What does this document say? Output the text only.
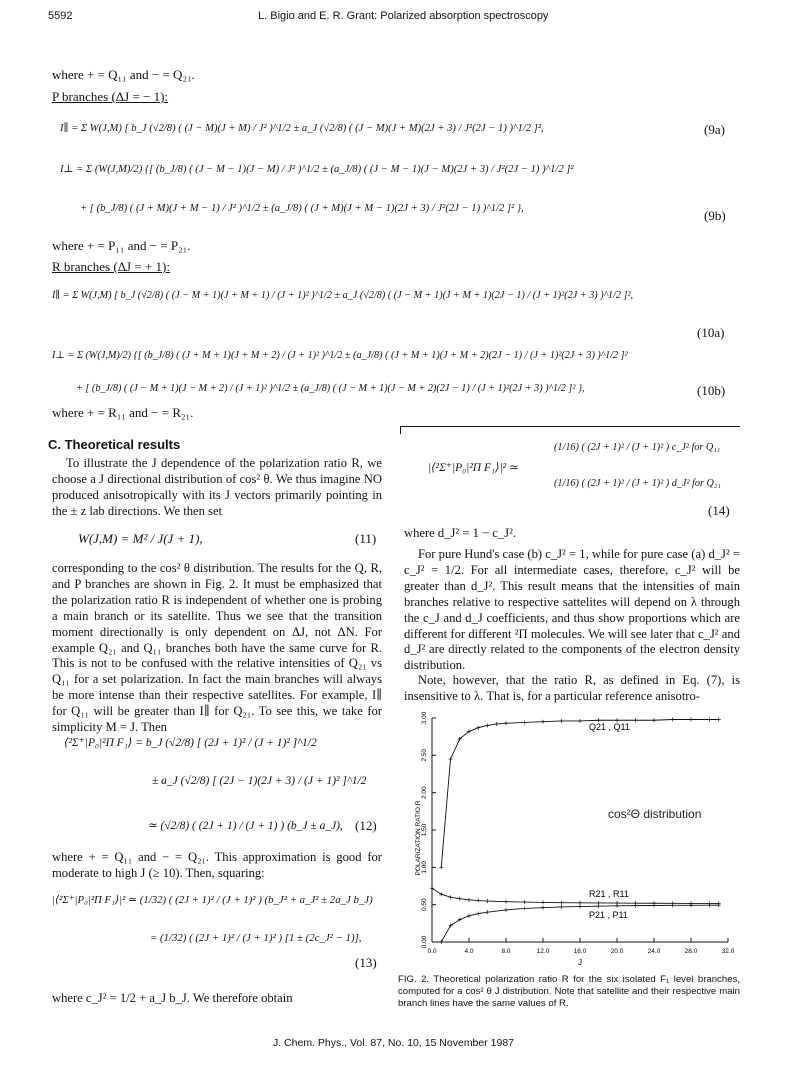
5592	L. Bigio and E. R. Grant: Polarized absorption spectroscopy
where + = Q₁₁ and − = Q₂₁.
P branches (ΔJ = − 1):
I∥ = Σ W(J,M) [ b_J (√2/8) ( (J − M)(J + M) / J² )^1/2 ± a_J (√2/8) ( (J − M)(J + M)(2J + 3) / J²(2J − 1) )^1/2 ]²,	(9a)
I⊥ = Σ (W(J,M)/2) {[ (b_J/8) ( (J − M − 1)(J − M) / J² )^1/2 ± (a_J/8) ( (J − M − 1)(J − M)(2J + 3) / J²(2J − 1) )^1/2 ]²
+ [ (b_J/8) ( (J + M)(J + M − 1) / J² )^1/2 ± (a_J/8) ( (J + M)(J + M − 1)(2J + 3) / J²(2J − 1) )^1/2 ]² },	(9b)
where + = P₁₁ and − = P₂₁.
R branches (ΔJ = + 1):
I∥ = Σ W(J,M) [ b_J (√2/8) ( (J − M + 1)(J + M + 1) / (J + 1)² )^1/2 ± a_J (√2/8) ( (J − M + 1)(J + M + 1)(2J − 1) / (J + 1)²(2J + 3) )^1/2 ]²,
(10a)
I⊥ = Σ (W(J,M)/2) {[ (b_J/8) ( (J + M + 1)(J + M + 2) / (J + 1)² )^1/2 ± (a_J/8) ( (J + M + 1)(J + M + 2)(2J − 1) / (J + 1)²(2J + 3) )^1/2 ]²
+ [ (b_J/8) ( (J − M + 1)(J − M + 2) / (J + 1)² )^1/2 ± (a_J/8) ( (J − M + 1)(J − M + 2)(2J − 1) / (J + 1)²(2J + 3) )^1/2 ]² },	(10b)
where + = R₁₁ and − = R₂₁.
C. Theoretical results
To illustrate the J dependence of the polarization ratio R, we choose a J directional distribution of cos² θ. We thus imagine NO produced anisotropically with its J vectors primarily pointing in the ± z lab directions. We then set
W(J,M) = M² / J(J + 1),	(11)
corresponding to the cos² θ distribution. The results for the Q, R, and P branches are shown in Fig. 2. It must be emphasized that the polarization ratio R is independent of whether one is probing a main branch or its satellite. Thus we see that the transition moment directionally is only dependent on ΔJ, not ΔN. For example Q₂₁ and Q₁₁ branches both have the same curve for R. This is not to be confused with the relative intensities of Q₂₁ vs Q₁₁ for a set polarization. In fact the main branches will always be more intense than their respective satellites. For example, I∥ for Q₁₁ will be greater than I∥ for Q₂₁. To see this, we take for simplicity M = J. Then
⟨²Σ⁺|P₀|²Π F₁⟩ = b_J (√2/8) [ (2J + 1)² / (J + 1)² ]^1/2
± a_J (√2/8) [ (2J − 1)(2J + 3) / (J + 1)² ]^1/2
≃ (√2/8) ( (2J + 1) / (J + 1) ) (b_J ± a_J), (12)
where + = Q₁₁ and − = Q₂₁. This approximation is good for moderate to high J (≥ 10). Then, squaring:
|⟨²Σ⁺|P₀|²Π F₁⟩|² ≃ (1/32) ( (2J + 1)² / (J + 1)² ) (b_J² + a_J² ± 2a_J b_J)
= (1/32) ( (2J + 1)² / (J + 1)² ) [1 ± (2c_J² − 1)],
(13)
where c_J² = 1/2 + a_J b_J. We therefore obtain
|⟨²Σ⁺|P₀|²Π F₁⟩|² ≃
(1/16) ( (2J + 1)² / (J + 1)² ) c_J² for Q₁₁
(1/16) ( (2J + 1)² / (J + 1)² ) d_J² for Q₂₁
(14)
where d_J² = 1 − c_J².
For pure Hund's case (b) c_J² = 1, while for pure case (a) d_J² = c_J² = 1/2. For all intermediate cases, therefore, c_J² will be greater than d_J². This result means that the intensities of main branches relative to respective sattelites will depend on λ through the c_J and d_J coefficients, and thus show proportions which are different for different ²Π molecules. We will see later that c_J² and d_J² are directly related to the components of the electron density distribution.
Note, however, that the ratio R, as defined in Eq. (7), is insensitive to λ. That is, for a particular reference anisotro-
0.0	4.0	8.0	12.0	16.0	20.0	24.0	28.0	32.0
0.00
0.50
1.00
1.50
2.00
2.50
3.00
Q21 , Q11
R21 , R11
P21 , P11
POLARIZATION RATIO R
J
cos²Θ distribution
FIG. 2. Theoretical polarization ratio R for the six isolated F₁ level branches, computed for a cos² θ J distribution. Note that satellite and their respective main branch lines have the same values of R.
J. Chem. Phys., Vol. 87, No. 10, 15 November 1987
